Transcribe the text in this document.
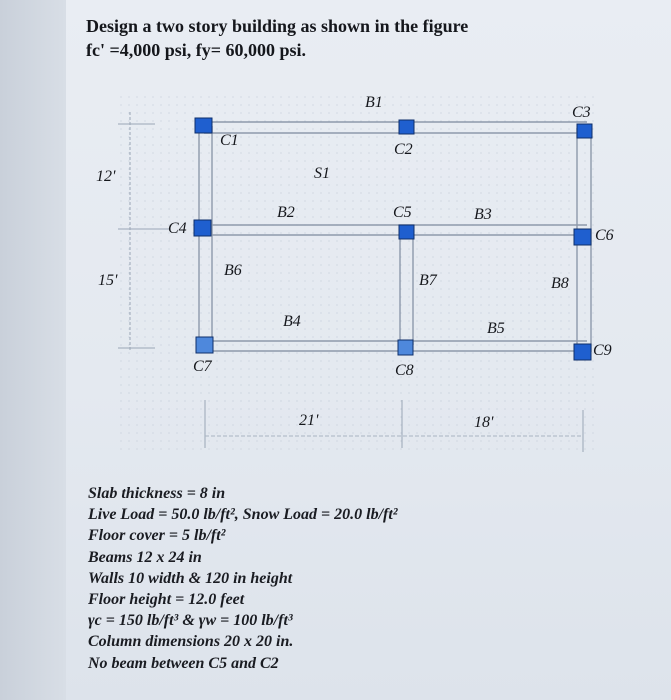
Design a two story building as shown in the figure
fc' =4,000 psi, fy= 60,000 psi.
B1
B2	B3
B4	B5
B6
B7	B8
C1
C2
C3
C4
C5
C6
C7	C8
C9
S1
12'
15'
21'	18'
Slab thickness = 8 in
Live Load = 50.0 lb/ft², Snow Load = 20.0 lb/ft²
Floor cover = 5 lb/ft²
Beams 12 x 24 in
Walls 10 width & 120 in height
Floor height = 12.0 feet
γc = 150 lb/ft³ & γw = 100 lb/ft³
Column dimensions 20 x 20 in.
No beam between C5 and C2
